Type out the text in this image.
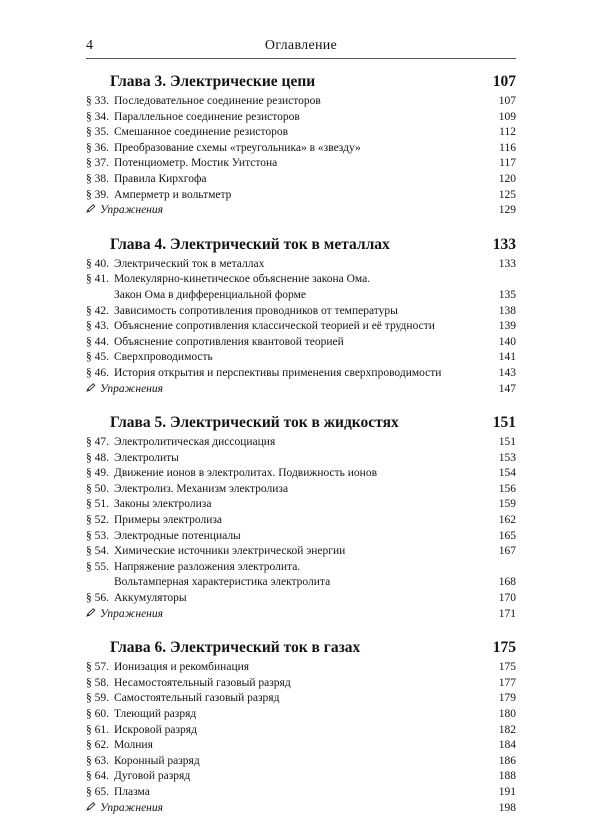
4	Оглавление
Глава 3. Электрические цепи	107
§ 33. Последовательное соединение резисторов	107
§ 34. Параллельное соединение резисторов	109
§ 35. Смешанное соединение резисторов	112
§ 36. Преобразование схемы «треугольника» в «звезду»	116
§ 37. Потенциометр. Мостик Уитстона	117
§ 38. Правила Кирхгофа	120
§ 39. Амперметр и вольтметр	125
Упражнения	129
Глава 4. Электрический ток в металлах	133
§ 40. Электрический ток в металлах	133
§ 41. Молекулярно-кинетическое объяснение закона Ома.
Закон Ома в дифференциальной форме	135
§ 42. Зависимость сопротивления проводников от температуры	138
§ 43. Объяснение сопротивления классической теорией и её трудности	139
§ 44. Объяснение сопротивления квантовой теорией	140
§ 45. Сверхпроводимость	141
§ 46. История открытия и перспективы применения сверхпроводимости	143
Упражнения	147
Глава 5. Электрический ток в жидкостях	151
§ 47. Электролитическая диссоциация	151
§ 48. Электролиты	153
§ 49. Движение ионов в электролитах. Подвижность ионов	154
§ 50. Электролиз. Механизм электролиза	156
§ 51. Законы электролиза	159
§ 52. Примеры электролиза	162
§ 53. Электродные потенциалы	165
§ 54. Химические источники электрической энергии	167
§ 55. Напряжение разложения электролита.
Вольтамперная характеристика электролита	168
§ 56. Аккумуляторы	170
Упражнения	171
Глава 6. Электрический ток в газах	175
§ 57. Ионизация и рекомбинация	175
§ 58. Несамостоятельный газовый разряд	177
§ 59. Самостоятельный газовый разряд	179
§ 60. Тлеющий разряд	180
§ 61. Искровой разряд	182
§ 62. Молния	184
§ 63. Коронный разряд	186
§ 64. Дуговой разряд	188
§ 65. Плазма	191
Упражнения	198
